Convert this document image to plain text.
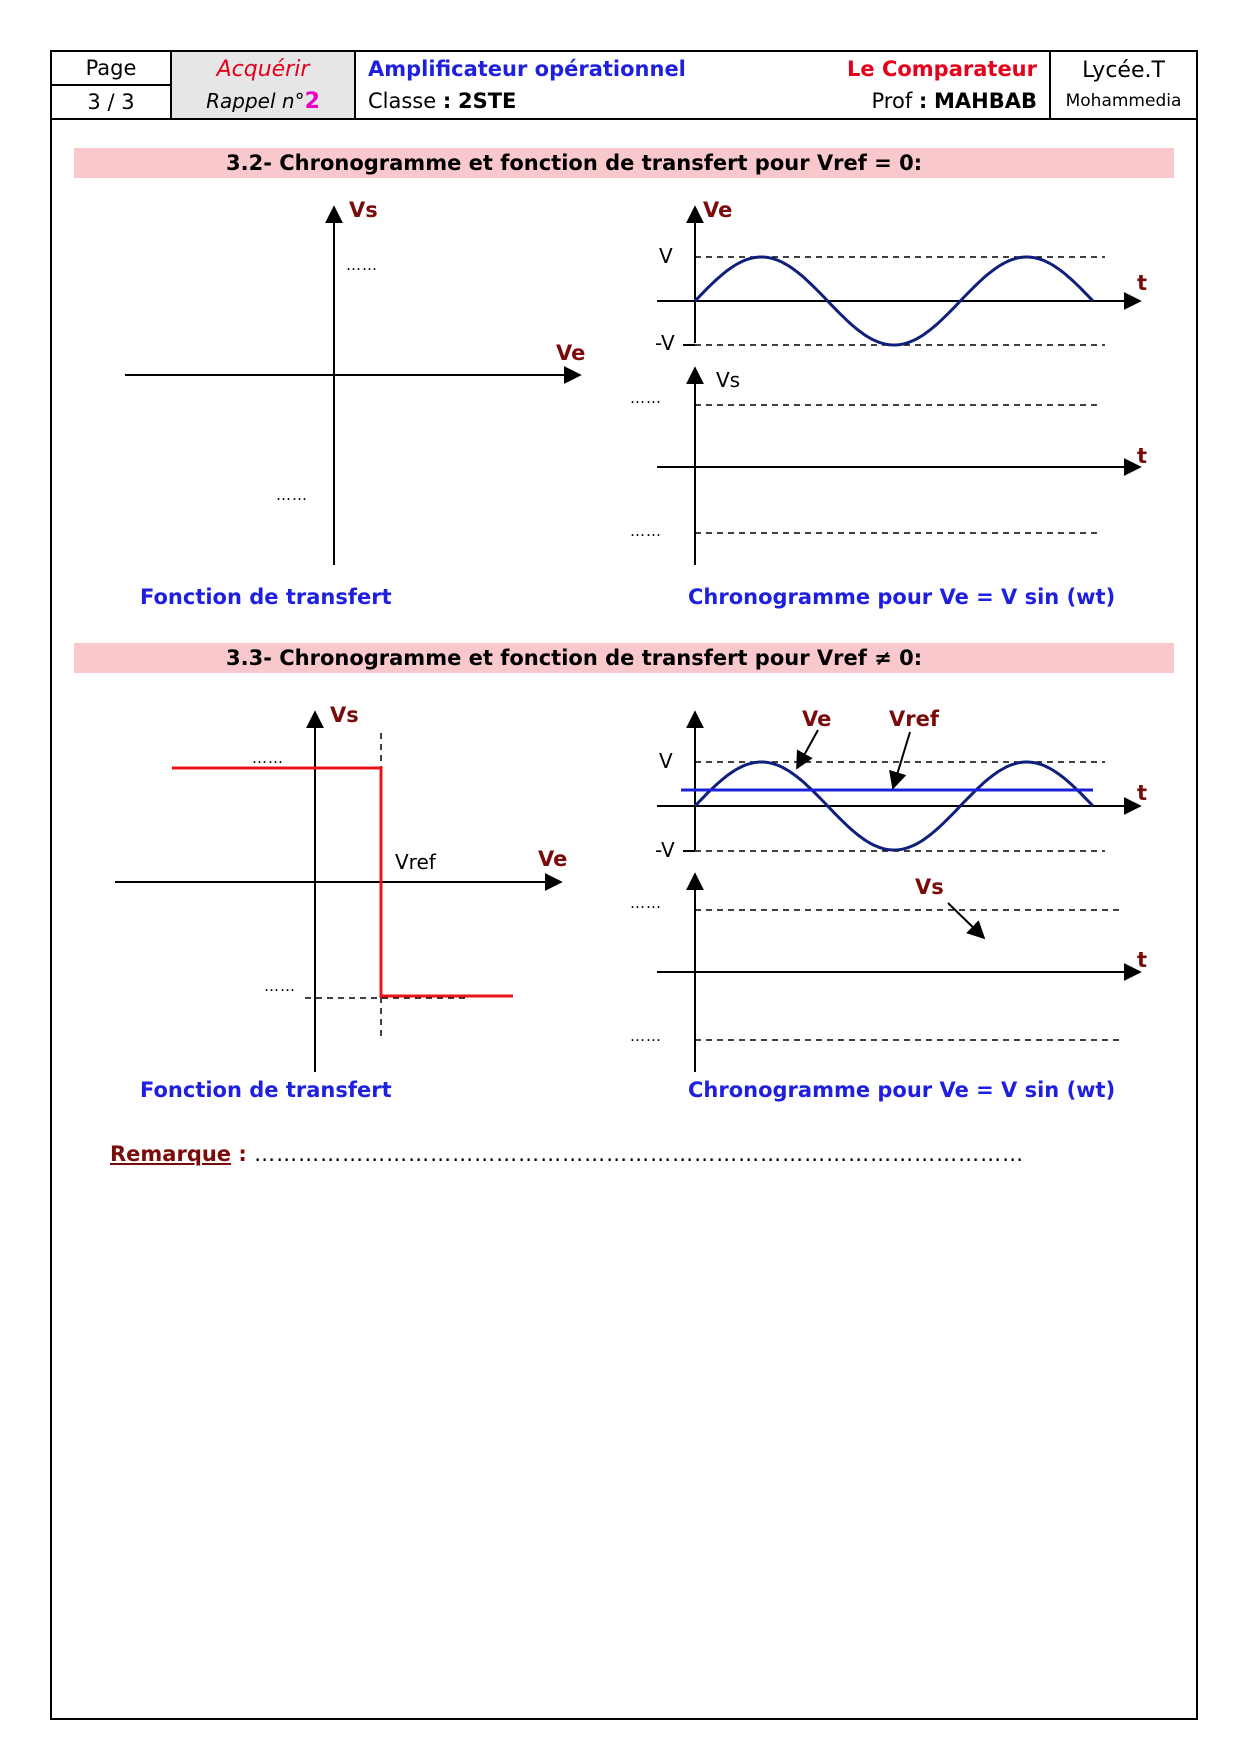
Page
3 / 3

Acquérir
Rappel n°2

Amplificateur opérationnel	Le Comparateur
Classe : 2STE	Prof : MAHBAB

Lycée.T
Mohammedia
3.2- Chronogramme et fonction de transfert pour Vref = 0:
3.3- Chronogramme et fonction de transfert pour Vref ≠ 0:
Vs
Ve
……
……
Ve
t
V
-V
Vs
t
……
……
Vs
Ve
Vref
……
……
Ve	Vref
t
V
-V
Vs
t
……
……
Fonction de transfert	Chronogramme pour Ve = V sin (wt)
Fonction de transfert	Chronogramme pour Ve = V sin (wt)
Remarque : ……………………………………………………………………………………………
